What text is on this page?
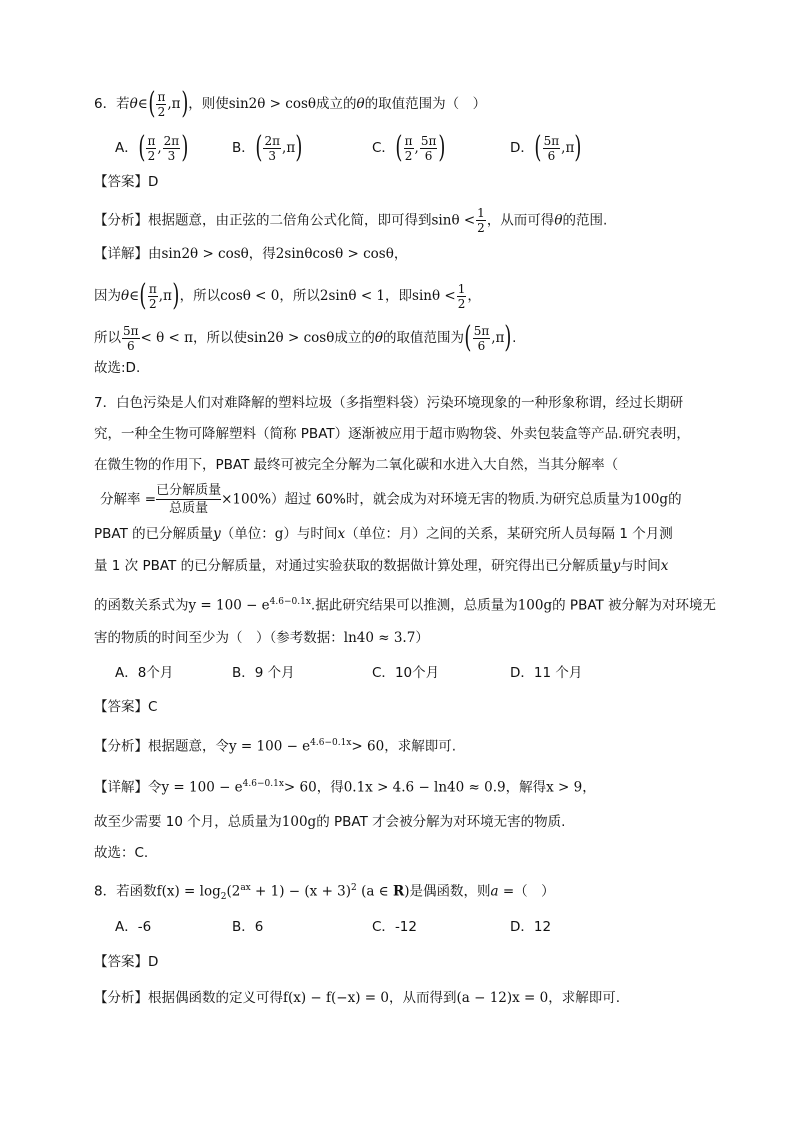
6．若θ∈( $\frac{\pi}{2} ,\pi$)，则使sin2θ > cosθ成立的θ的取值范围为（　）
A．( $\frac{\pi}{2}$ , $\frac{2\pi}{3}$ )	B．( $\frac{2\pi}{3} ,\pi$)	C．( $\frac{\pi}{2}$ , $\frac{5\pi}{6}$ )	D．( $\frac{5\pi}{6} ,\pi$)
【答案】D
【分析】根据题意，由正弦的二倍角公式化简，即可得到$\sin\theta < \frac{1}{2}$ ，从而可得θ的范围.
【详解】由sin2θ > cosθ，得2sinθcosθ > cosθ，
因为θ∈( $\frac{\pi}{2} ,\pi$)，所以cosθ < 0，所以2sinθ < 1，即$\sin\theta < \frac{1}{2}$ ，
所以 $\frac{5\pi}{6} < \theta < \pi$，所以使sin2θ > cosθ成立的θ的取值范围为( $\frac{5\pi}{6} ,\pi$).
故选:D.
7．白色污染是人们对难降解的塑料垃圾（多指塑料袋）污染环境现象的一种形象称谓，经过长期研
究，一种全生物可降解塑料（简称 PBAT）逐渐被应用于超市购物袋、外卖包装盒等产品.研究表明，
在微生物的作用下，PBAT 最终可被完全分解为二氧化碳和水进入大自然，当其分解率（
分解率 = $\frac{\text{已分解质量}}{\text{总质量}} \times 100\%$）超过 60%时，就会成为对环境无害的物质.为研究总质量为100g的
PBAT 的已分解质量y（单位：g）与时间x（单位：月）之间的关系，某研究所人员每隔 1 个月测
量 1 次 PBAT 的已分解质量，对通过实验获取的数据做计算处理，研究得出已分解质量y与时间x
的函数关系式为$y = 100 - e^{4.6-0.1x}$.据此研究结果可以推测，总质量为100g的 PBAT 被分解为对环境无
害的物质的时间至少为（　）（参考数据：ln40 ≈ 3.7）
A．8个月	B．9 个月	C．10个月	D．11 个月
【答案】C
【分析】根据题意，令$y = 100 - e^{4.6-0.1x}> 60$，求解即可.
【详解】令$y = 100 - e^{4.6-0.1x}> 60$，得0.1x > 4.6 − ln40 ≈ 0.9，解得x > 9，
故至少需要 10 个月，总质量为100g的 PBAT 才会被分解为对环境无害的物质.
故选：C.
8．若函数$f(x) = \log_2(2^{ax} + 1) - (x + 3)^2$ (a ∈ R)是偶函数，则a =（　）
A．-6	B．6	C．-12	D．12
【答案】D
【分析】根据偶函数的定义可得f(x) − f(−x) = 0，从而得到(a − 12)x = 0，求解即可.
